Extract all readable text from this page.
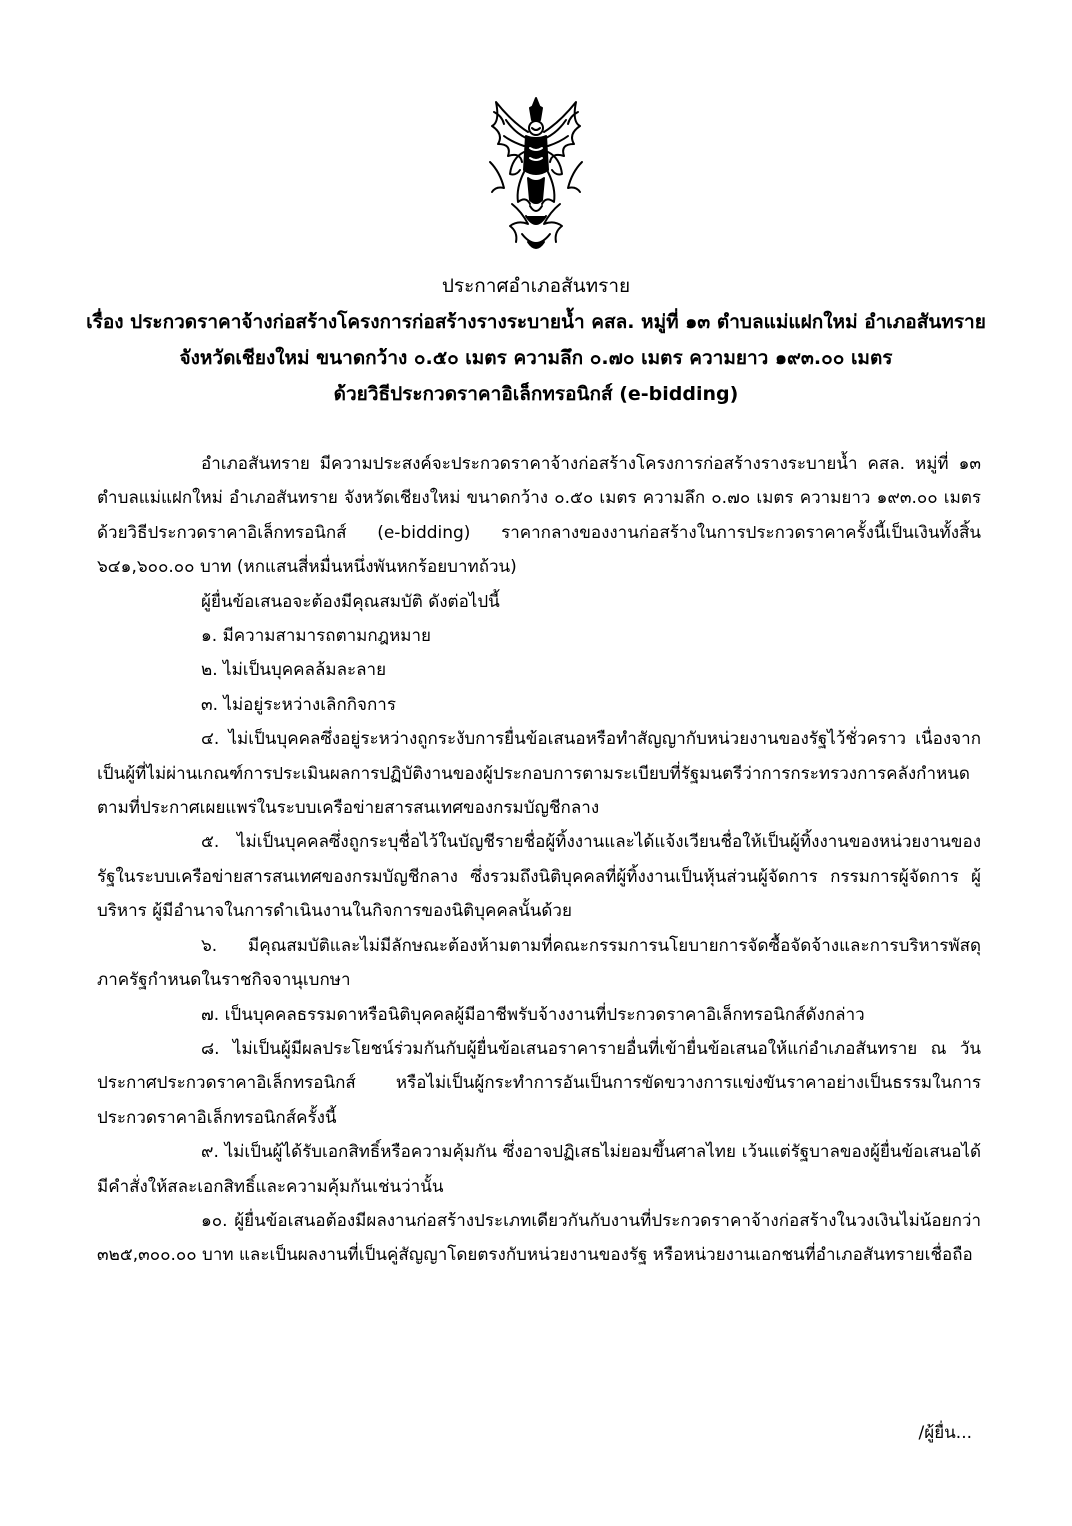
ประกาศอำเภอสันทราย
เรื่อง ประกวดราคาจ้างก่อสร้างโครงการก่อสร้างรางระบายน้ำ คสล. หมู่ที่ ๑๓ ตำบลแม่แฝกใหม่ อำเภอสันทราย
จังหวัดเชียงใหม่ ขนาดกว้าง ๐.๕๐ เมตร ความลึก ๐.๗๐ เมตร ความยาว ๑๙๓.๐๐ เมตร
ด้วยวิธีประกวดราคาอิเล็กทรอนิกส์ (e-bidding)

อำเภอสันทราย มีความประสงค์จะประกวดราคาจ้างก่อสร้างโครงการก่อสร้างรางระบายน้ำ คสล. หมู่ที่ ๑๓ ตำบลแม่แฝกใหม่ อำเภอสันทราย จังหวัดเชียงใหม่ ขนาดกว้าง ๐.๕๐ เมตร ความลึก ๐.๗๐ เมตร ความยาว ๑๙๓.๐๐ เมตร ด้วยวิธีประกวดราคาอิเล็กทรอนิกส์ (e-bidding) ราคากลางของงานก่อสร้างในการประกวดราคาครั้งนี้เป็นเงินทั้งสิ้น ๖๔๑,๖๐๐.๐๐ บาท (หกแสนสี่หมื่นหนึ่งพันหกร้อยบาทถ้วน)

ผู้ยื่นข้อเสนอจะต้องมีคุณสมบัติ ดังต่อไปนี้

๑. มีความสามารถตามกฎหมาย

๒. ไม่เป็นบุคคลล้มละลาย

๓. ไม่อยู่ระหว่างเลิกกิจการ

๔. ไม่เป็นบุคคลซึ่งอยู่ระหว่างถูกระงับการยื่นข้อเสนอหรือทำสัญญากับหน่วยงานของรัฐไว้ชั่วคราว เนื่องจากเป็นผู้ที่ไม่ผ่านเกณฑ์การประเมินผลการปฏิบัติงานของผู้ประกอบการตามระเบียบที่รัฐมนตรีว่าการกระทรวงการคลังกำหนดตามที่ประกาศเผยแพร่ในระบบเครือข่ายสารสนเทศของกรมบัญชีกลาง

๕. ไม่เป็นบุคคลซึ่งถูกระบุชื่อไว้ในบัญชีรายชื่อผู้ทิ้งงานและได้แจ้งเวียนชื่อให้เป็นผู้ทิ้งงานของหน่วยงานของรัฐในระบบเครือข่ายสารสนเทศของกรมบัญชีกลาง ซึ่งรวมถึงนิติบุคคลที่ผู้ทิ้งงานเป็นหุ้นส่วนผู้จัดการ กรรมการผู้จัดการ ผู้บริหาร ผู้มีอำนาจในการดำเนินงานในกิจการของนิติบุคคลนั้นด้วย

๖. มีคุณสมบัติและไม่มีลักษณะต้องห้ามตามที่คณะกรรมการนโยบายการจัดซื้อจัดจ้างและการบริหารพัสดุภาครัฐกำหนดในราชกิจจานุเบกษา

๗. เป็นบุคคลธรรมดาหรือนิติบุคคลผู้มีอาชีพรับจ้างงานที่ประกวดราคาอิเล็กทรอนิกส์ดังกล่าว

๘. ไม่เป็นผู้มีผลประโยชน์ร่วมกันกับผู้ยื่นข้อเสนอราคารายอื่นที่เข้ายื่นข้อเสนอให้แก่อำเภอสันทราย ณ วันประกาศประกวดราคาอิเล็กทรอนิกส์ หรือไม่เป็นผู้กระทำการอันเป็นการขัดขวางการแข่งขันราคาอย่างเป็นธรรมในการประกวดราคาอิเล็กทรอนิกส์ครั้งนี้

๙. ไม่เป็นผู้ได้รับเอกสิทธิ์หรือความคุ้มกัน ซึ่งอาจปฏิเสธไม่ยอมขึ้นศาลไทย เว้นแต่รัฐบาลของผู้ยื่นข้อเสนอได้มีคำสั่งให้สละเอกสิทธิ์และความคุ้มกันเช่นว่านั้น

๑๐. ผู้ยื่นข้อเสนอต้องมีผลงานก่อสร้างประเภทเดียวกันกับงานที่ประกวดราคาจ้างก่อสร้างในวงเงินไม่น้อยกว่า ๓๒๕,๓๐๐.๐๐ บาท และเป็นผลงานที่เป็นคู่สัญญาโดยตรงกับหน่วยงานของรัฐ หรือหน่วยงานเอกชนที่อำเภอสันทรายเชื่อถือ

/ผู้ยื่น...
